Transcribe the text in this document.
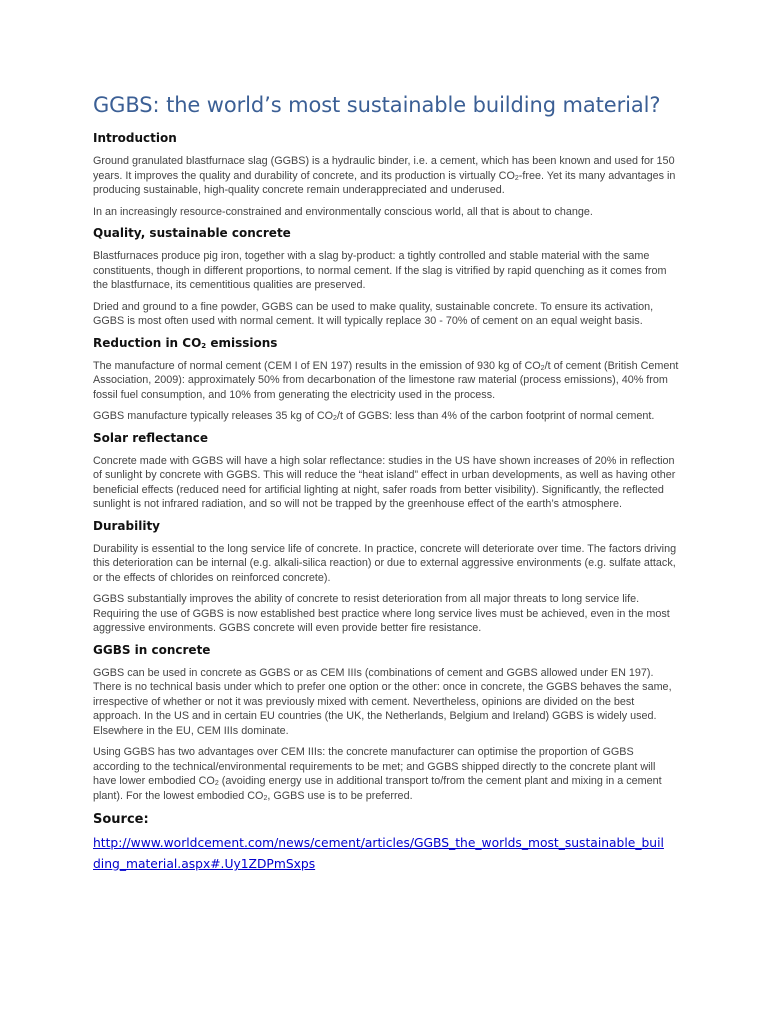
GGBS: the world’s most sustainable building material?
Introduction

Ground granulated blastfurnace slag (GGBS) is a hydraulic binder, i.e. a cement, which has been known and used for 150 years. It improves the quality and durability of concrete, and its production is virtually $CO_2$-free. Yet its many advantages in producing sustainable, high-quality concrete remain underappreciated and underused.

In an increasingly resource-constrained and environmentally conscious world, all that is about to change.

Quality, sustainable concrete

Blastfurnaces produce pig iron, together with a slag by-product: a tightly controlled and stable material with the same constituents, though in different proportions, to normal cement. If the slag is vitrified by rapid quenching as it comes from the blastfurnace, its cementitious qualities are preserved.

Dried and ground to a fine powder, GGBS can be used to make quality, sustainable concrete. To ensure its activation, GGBS is most often used with normal cement. It will typically replace 30 - 70% of cement on an equal weight basis.

Reduction in $CO_2$ emissions

The manufacture of normal cement (CEM I of EN 197) results in the emission of 930 kg of $CO_2/t$ of cement (British Cement Association, 2009): approximately 50% from decarbonation of the limestone raw material (process emissions), 40% from fossil fuel consumption, and 10% from generating the electricity used in the process.

GGBS manufacture typically releases 35 kg of $CO_2/t$ of GGBS: less than 4% of the carbon footprint of normal cement.

Solar reflectance

Concrete made with GGBS will have a high solar reflectance: studies in the US have shown increases of 20% in reflection of sunlight by concrete with GGBS. This will reduce the “heat island” effect in urban developments, as well as having other beneficial effects (reduced need for artificial lighting at night, safer roads from better visibility). Significantly, the reflected sunlight is not infrared radiation, and so will not be trapped by the greenhouse effect of the earth’s atmosphere.

Durability

Durability is essential to the long service life of concrete. In practice, concrete will deteriorate over time. The factors driving this deterioration can be internal (e.g. alkali-silica reaction) or due to external aggressive environments (e.g. sulfate attack, or the effects of chlorides on reinforced concrete).

GGBS substantially improves the ability of concrete to resist deterioration from all major threats to long service life. Requiring the use of GGBS is now established best practice where long service lives must be achieved, even in the most aggressive environments. GGBS concrete will even provide better fire resistance.

GGBS in concrete

GGBS can be used in concrete as GGBS or as CEM IIIs (combinations of cement and GGBS allowed under EN 197). There is no technical basis under which to prefer one option or the other: once in concrete, the GGBS behaves the same, irrespective of whether or not it was previously mixed with cement. Nevertheless, opinions are divided on the best approach. In the US and in certain EU countries (the UK, the Netherlands, Belgium and Ireland) GGBS is widely used. Elsewhere in the EU, CEM IIIs dominate.

Using GGBS has two advantages over CEM IIIs: the concrete manufacturer can optimise the proportion of GGBS according to the technical/environmental requirements to be met; and GGBS shipped directly to the concrete plant will have lower embodied $CO_2$ (avoiding energy use in additional transport to/from the cement plant and mixing in a cement plant). For the lowest embodied $CO_2$, GGBS use is to be preferred.

Source:
http://www.worldcement.com/news/cement/articles/GGBS_the_worlds_most_sustainable_building_material.aspx#.Uy1ZDPmSxps
